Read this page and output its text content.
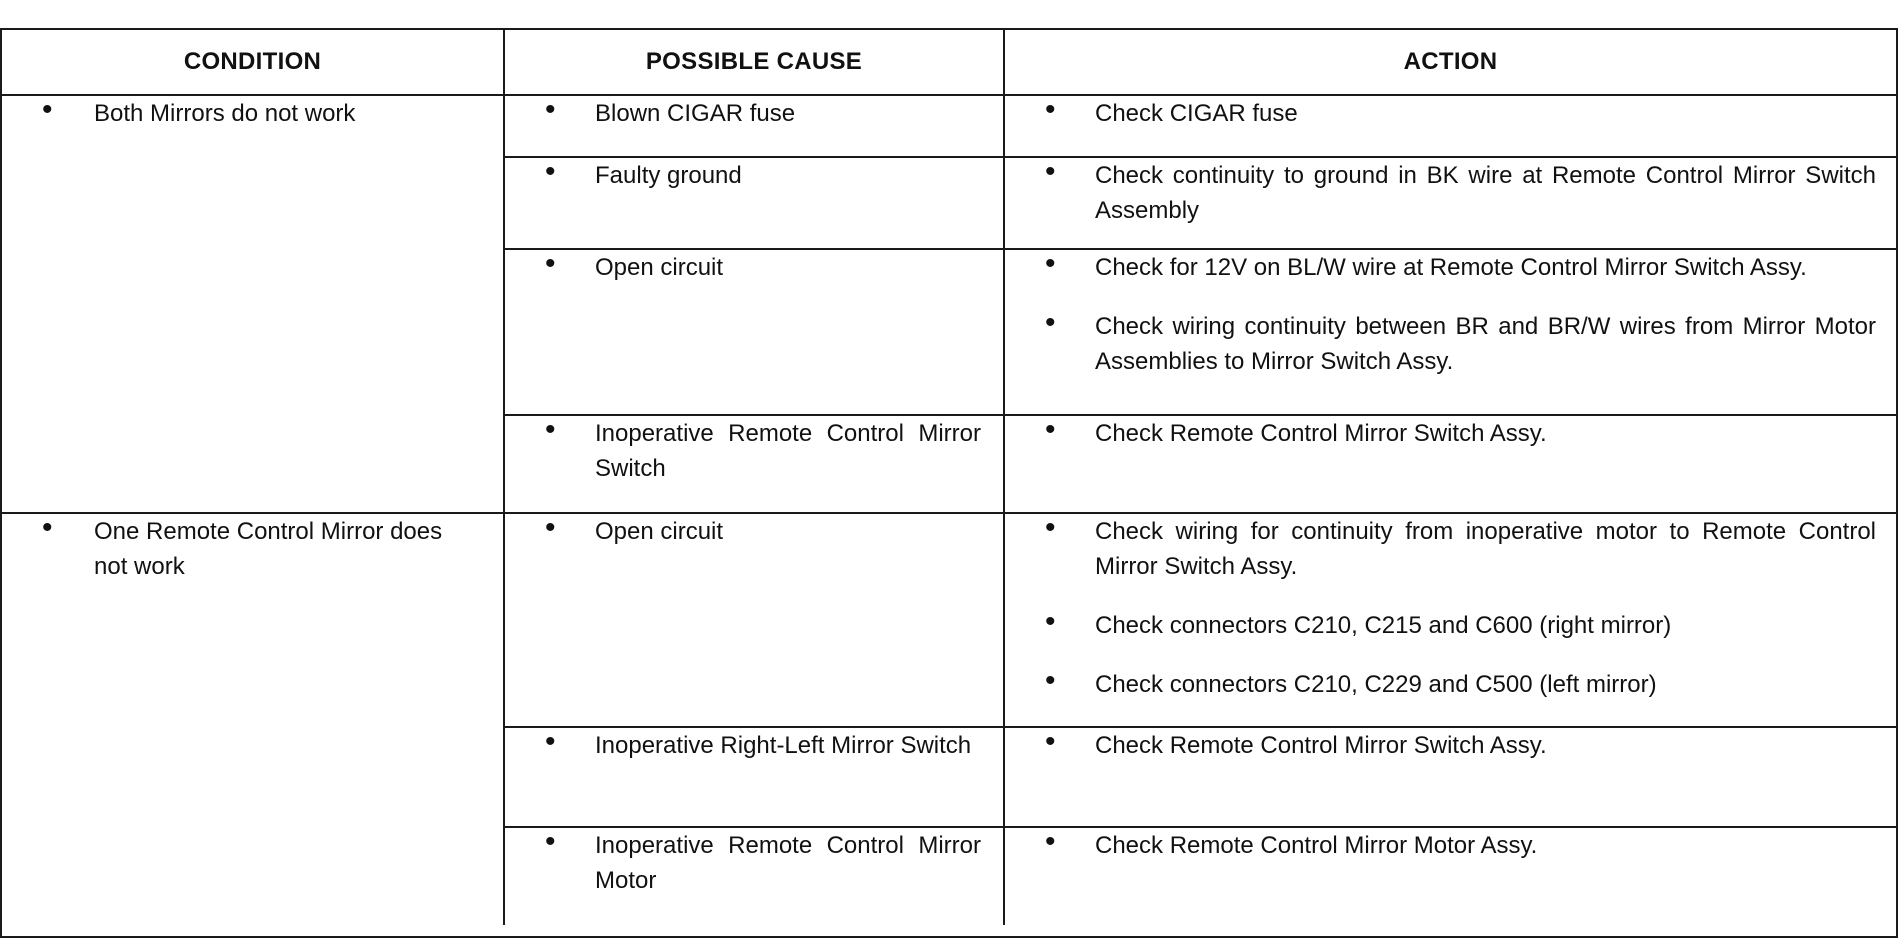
CONDITION	POSSIBLE CAUSE	ACTION

• Both Mirrors do not work	• Blown CIGAR fuse	• Check CIGAR fuse

	• Faulty ground	• Check continuity to ground in BK wire at Remote Control Mirror Switch Assembly

	• Open circuit	• Check for 12V on BL/W wire at Remote Control Mirror Switch Assy.
• Check wiring continuity between BR and BR/W wires from Mirror Motor Assemblies to Mirror Switch Assy.

	• Inoperative Remote Control Mirror Switch	• Check Remote Control Mirror Switch Assy.

• One Remote Control Mirror does not work	• Open circuit	• Check wiring for continuity from inoperative motor to Remote Control Mirror Switch Assy.
• Check connectors C210, C215 and C600 (right mirror)
• Check connectors C210, C229 and C500 (left mirror)

	• Inoperative Right-Left Mirror Switch	• Check Remote Control Mirror Switch Assy.

	• Inoperative Remote Control Mirror Motor	• Check Remote Control Mirror Motor Assy.
